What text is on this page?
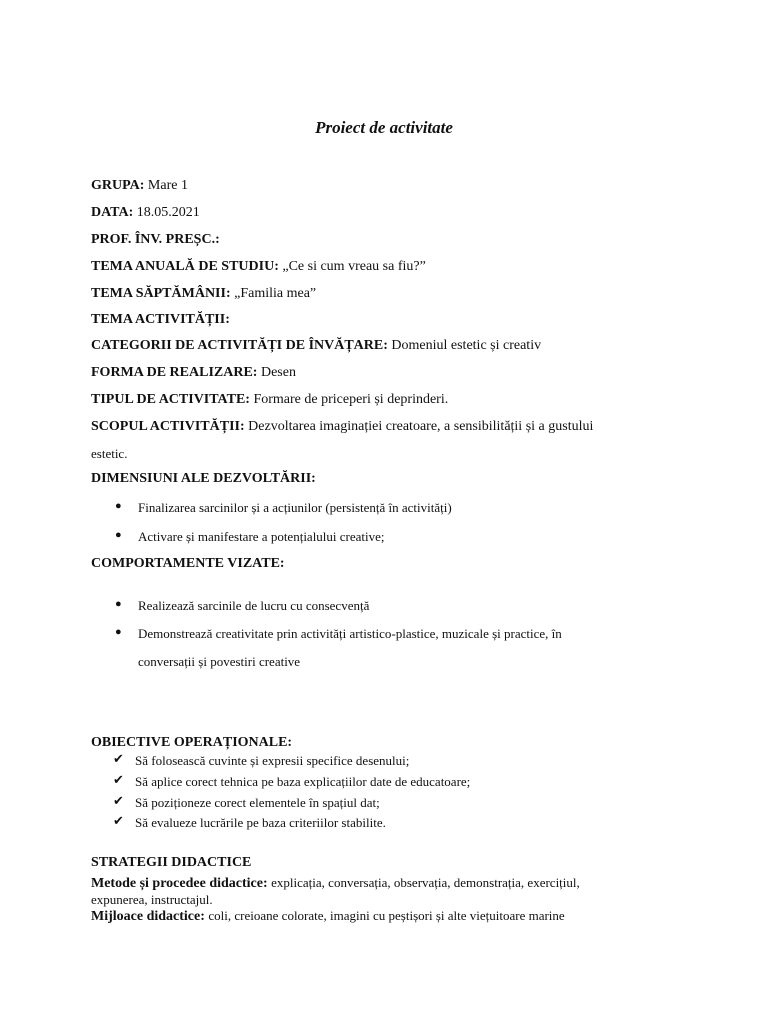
Proiect de activitate
GRUPA: Mare 1
DATA: 18.05.2021
PROF. ÎNV. PREȘC.:
TEMA ANUALĂ DE STUDIU: „Ce si cum vreau sa fiu?”
TEMA SĂPTĂMÂNII: „Familia mea”
TEMA ACTIVITĂȚII:
CATEGORII DE ACTIVITĂȚI DE ÎNVĂȚARE: Domeniul estetic și creativ
FORMA DE REALIZARE: Desen
TIPUL DE ACTIVITATE: Formare de priceperi și deprinderi.
SCOPUL ACTIVITĂȚII: Dezvoltarea imaginației creatoare, a sensibilității și a gustului
estetic.
DIMENSIUNI ALE DEZVOLTĂRII:
● Finalizarea sarcinilor și a acțiunilor (persistență în activități)
● Activare și manifestare a potențialului creative;
COMPORTAMENTE VIZATE:
● Realizează sarcinile de lucru cu consecvență
● Demonstrează creativitate prin activități artistico-plastice, muzicale și practice, în
conversații și povestiri creative
OBIECTIVE OPERAȚIONALE:
✔ Să folosească cuvinte și expresii specifice desenului;
✔ Să aplice corect tehnica pe baza explicațiilor date de educatoare;
✔ Să poziționeze corect elementele în spațiul dat;
✔ Să evalueze lucrările pe baza criteriilor stabilite.
STRATEGII DIDACTICE
Metode și procedee didactice: explicația, conversația, observația, demonstrația, exercițiul,
expunerea, instructajul.
Mijloace didactice: coli, creioane colorate, imagini cu peștișori și alte viețuitoare marine
